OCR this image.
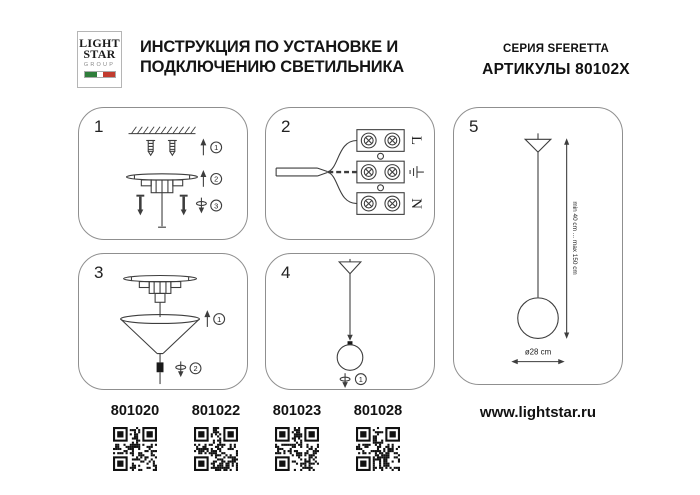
LIGHT
STAR
GROUP
ИНСТРУКЦИЯ ПО УСТАНОВКЕ И
ПОДКЛЮЧЕНИЮ СВЕТИЛЬНИКА
СЕРИЯ SFERETTA
АРТИКУЛЫ 80102X
1
1
2
3
2
L
N
3
1
2
4
1
5
min 40 cm ... max 150 cm
ø28 cm
801020	801022	801023	801028	www.lightstar.ru
